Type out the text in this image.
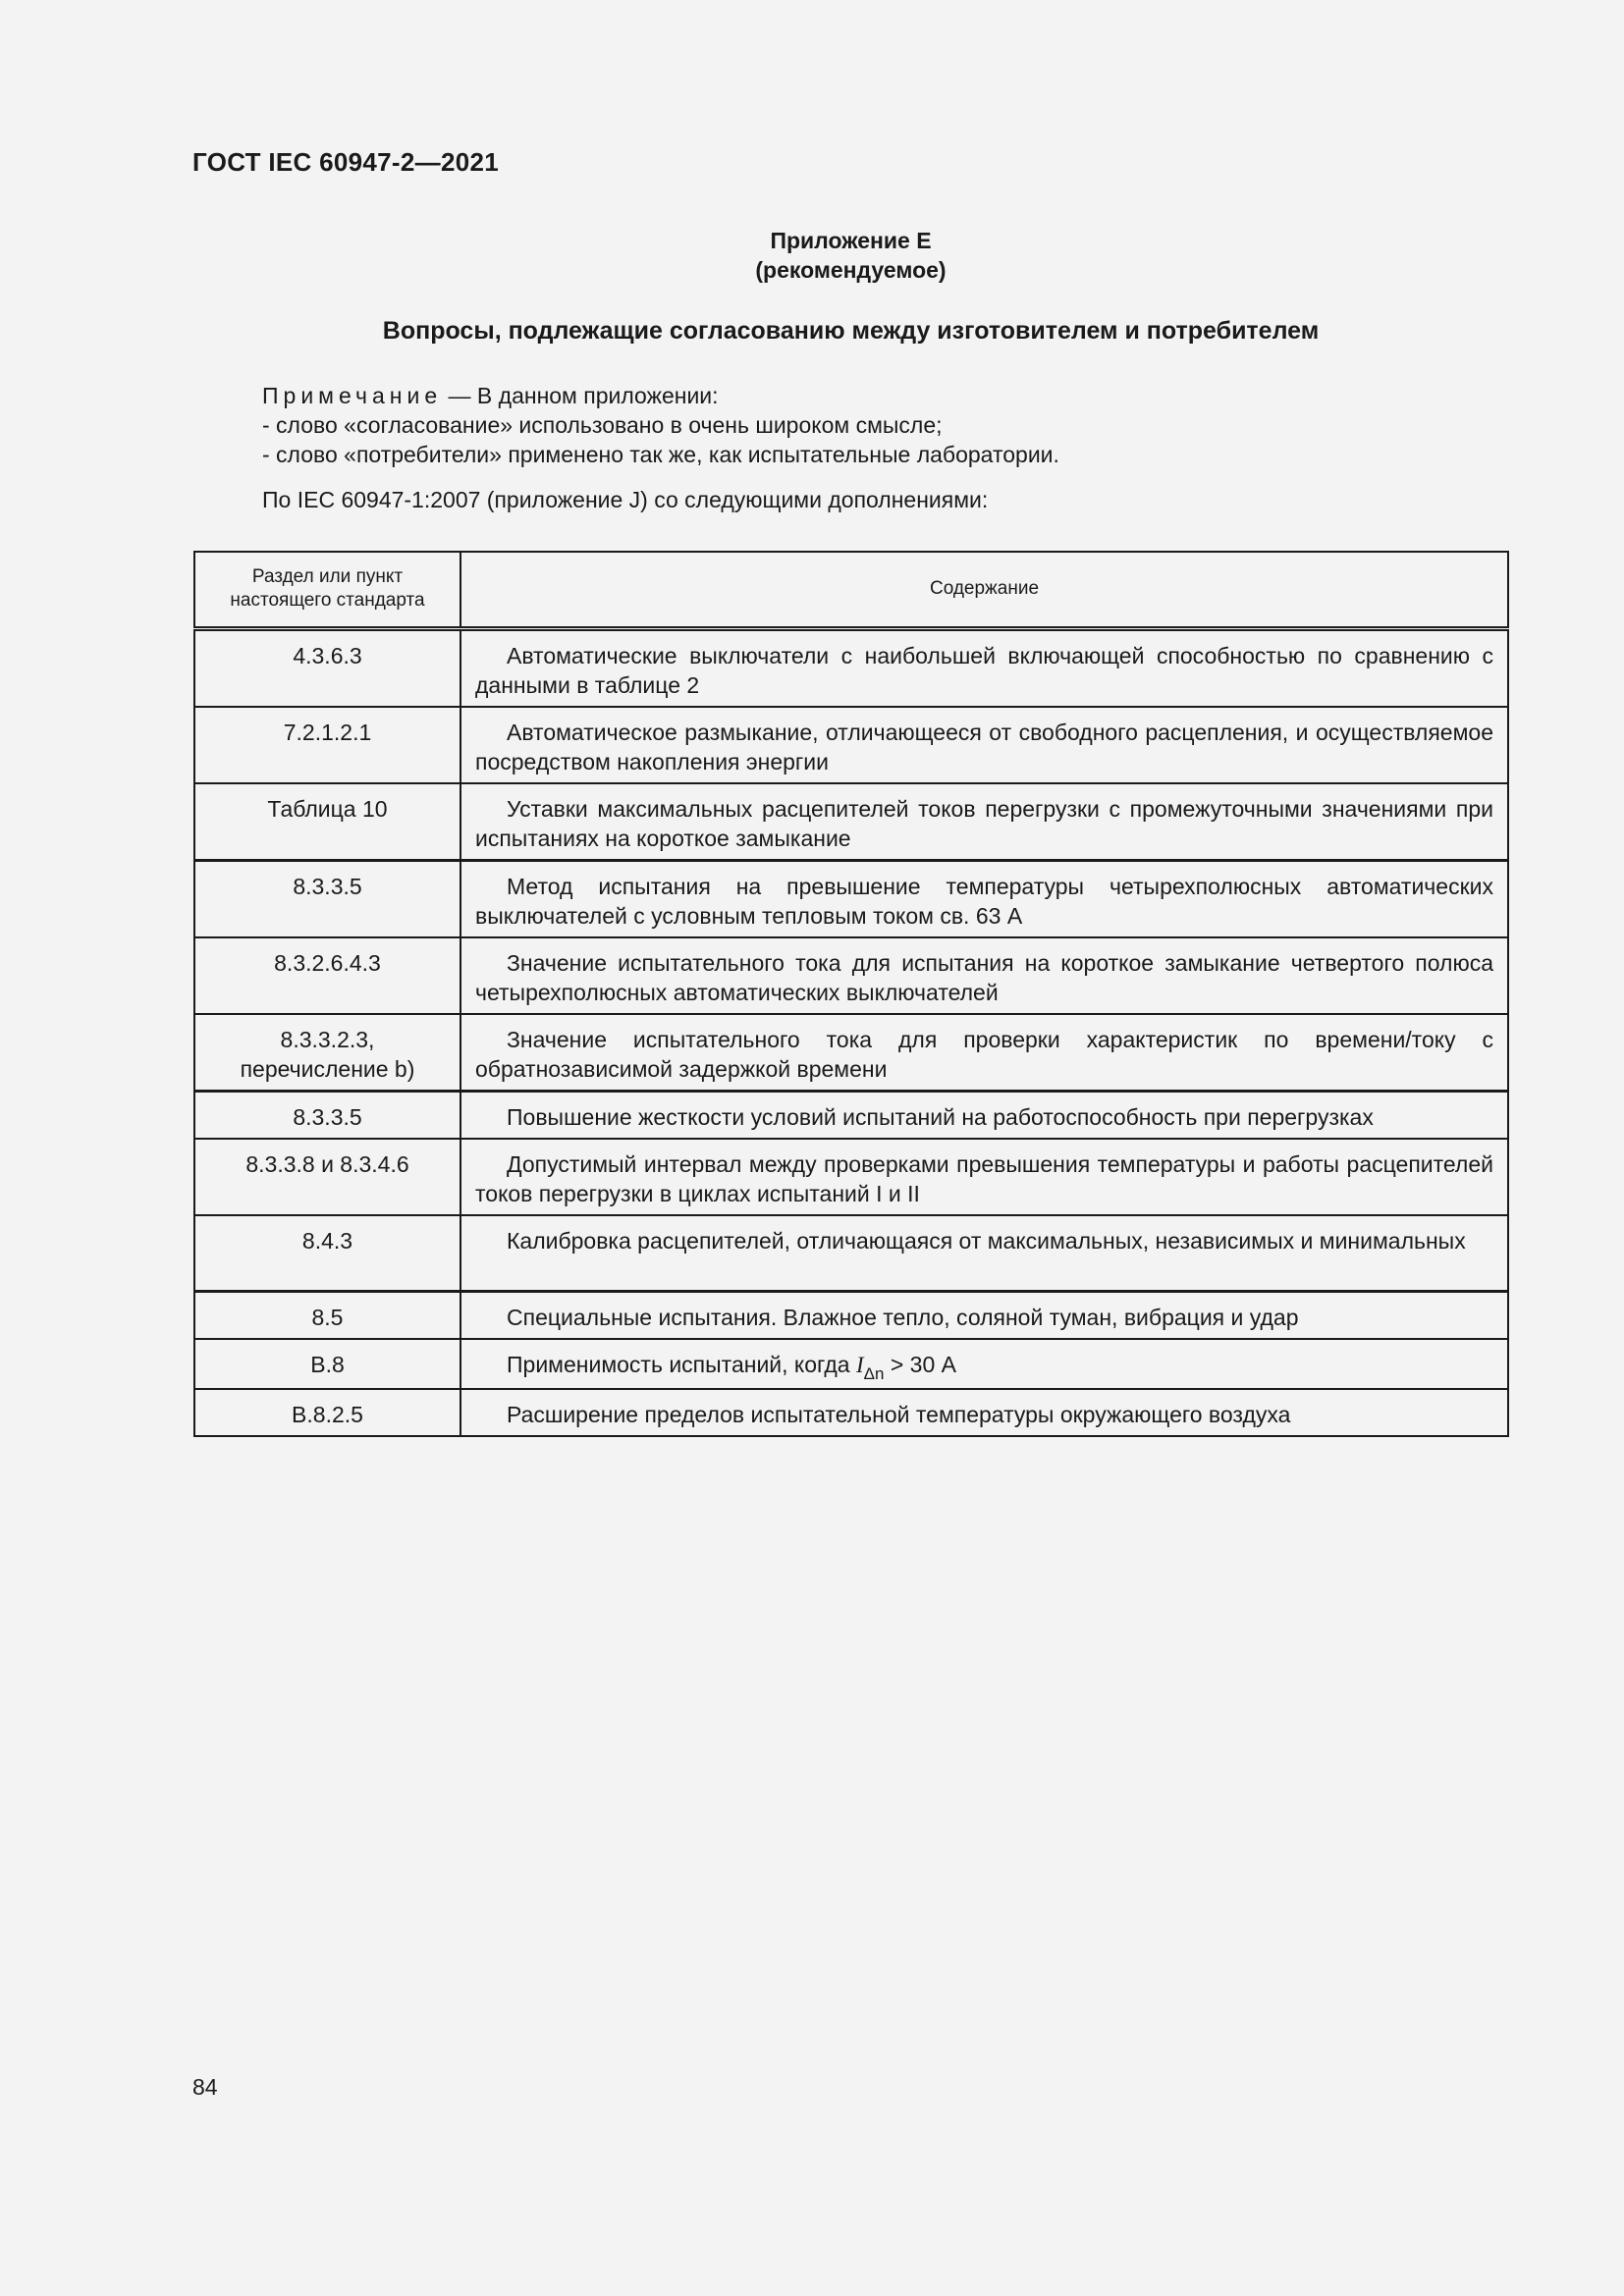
ГОСТ IEC 60947-2—2021
Приложение Е
(рекомендуемое)
Вопросы, подлежащие согласованию между изготовителем и потребителем
Примечание — В данном приложении:
- слово «согласование» использовано в очень широком смысле;
- слово «потребители» применено так же, как испытательные лаборатории.
По IEC 60947-1:2007 (приложение J) со следующими дополнениями:
Раздел или пункт
настоящего стандарта	Содержание
4.3.6.3	Автоматические выключатели с наибольшей включающей способностью по сравнению с данными в таблице 2

7.2.1.2.1	Автоматическое размыкание, отличающееся от свободного расцепления, и осуществляемое посредством накопления энергии

Таблица 10	Уставки максимальных расцепителей токов перегрузки с промежуточными значениями при испытаниях на короткое замыкание

8.3.3.5	Метод испытания на превышение температуры четырехполюсных автоматических выключателей с условным тепловым током св. 63 А

8.3.2.6.4.3	Значение испытательного тока для испытания на короткое замыкание четвертого полюса четырехполюсных автоматических выключателей

8.3.3.2.3,
перечисление b)	Значение испытательного тока для проверки характеристик по времени/току с обратнозависимой задержкой времени

8.3.3.5	Повышение жесткости условий испытаний на работоспособность при перегрузках

8.3.3.8 и 8.3.4.6	Допустимый интервал между проверками превышения температуры и работы расцепителей токов перегрузки в циклах испытаний I и II

8.4.3	Калибровка расцепителей, отличающаяся от максимальных, независимых и минимальных

8.5	Специальные испытания. Влажное тепло, соляной туман, вибрация и удар

В.8	Применимость испытаний, когда $I_{\Delta n} > 30$ А

В.8.2.5	Расширение пределов испытательной температуры окружающего воздуха
84
